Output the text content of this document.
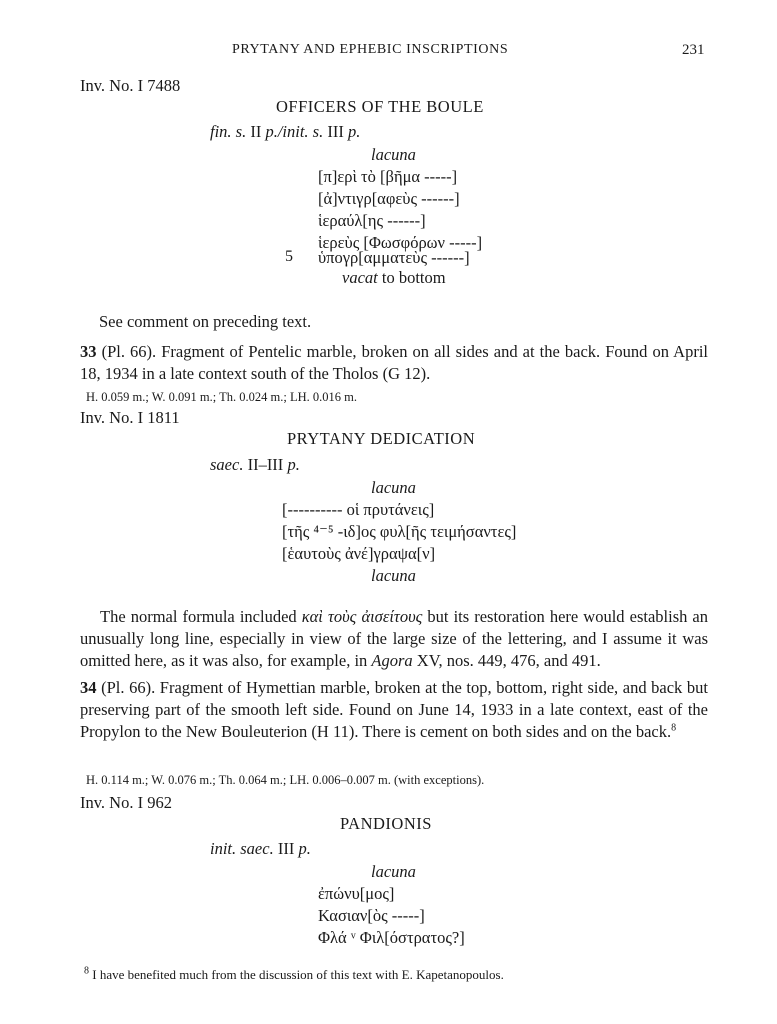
PRYTANY AND EPHEBIC INSCRIPTIONS	231
Inv. No. I 7488
OFFICERS OF THE BOULE
fin. s. II p./init. s. III p.
lacuna
[π]ερὶ τὸ [βῆμα -----]
[ἀ]ντιγρ[αφεὺς ------]
ἱεραύλ[ης ------]
ἱερεὺς [Φωσφόρων -----]
5 ὑπογρ[αμματεὺς ------]
vacat to bottom
See comment on preceding text.
33 (Pl. 66). Fragment of Pentelic marble, broken on all sides and at the back. Found on April 18, 1934 in a late context south of the Tholos (G 12).
H. 0.059 m.; W. 0.091 m.; Th. 0.024 m.; LH. 0.016 m.
Inv. No. I 1811
PRYTANY DEDICATION
saec. II–III p.
lacuna
[---------- οἱ πρυτάνεις]
[τῆς ⁴⁻⁵ -ιδ]ος φυλ[ῆς τειμήσαντες]
[ἑαυτοὺς ἀνέ]γραψα[ν]
lacuna
The normal formula included καὶ τοὺς ἀισείτους but its restoration here would establish an unusually long line, especially in view of the large size of the lettering, and I assume it was omitted here, as it was also, for example, in Agora XV, nos. 449, 476, and 491.
34 (Pl. 66). Fragment of Hymettian marble, broken at the top, bottom, right side, and back but preserving part of the smooth left side. Found on June 14, 1933 in a late context, east of the Propylon to the New Bouleuterion (H 11). There is cement on both sides and on the back.$^8$
H. 0.114 m.; W. 0.076 m.; Th. 0.064 m.; LH. 0.006–0.007 m. (with exceptions).
Inv. No. I 962
PANDIONIS
init. saec. III p.
lacuna
ἐπώνυ[μος]
Κασιαν[ὸς -----]
Φλά ᵛ Φιλ[όστρατος?]
$^8$ I have benefited much from the discussion of this text with E. Kapetanopoulos.
